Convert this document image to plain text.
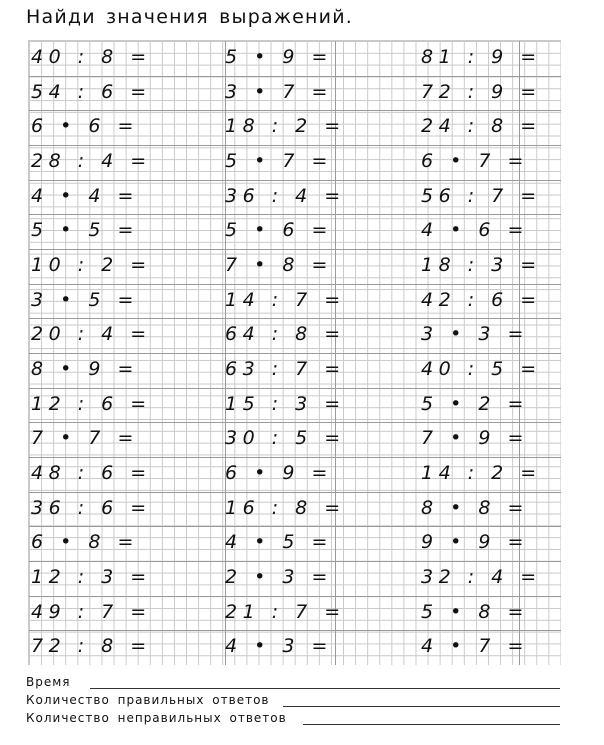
Найди значения выражений.
40 : 8 =
54 : 6 =
6 • 6 =
28 : 4 =
4 • 4 =
5 • 5 =
10 : 2 =
3 • 5 =
20 : 4 =
8 • 9 =
12 : 6 =
7 • 7 =
48 : 6 =
36 : 6 =
6 • 8 =
12 : 3 =
49 : 7 =
72 : 8 =
5 • 9 =
3 • 7 =
18 : 2 =
5 • 7 =
36 : 4 =
5 • 6 =
7 • 8 =
14 : 7 =
64 : 8 =
63 : 7 =
15 : 3 =
30 : 5 =
6 • 9 =
16 : 8 =
4 • 5 =
2 • 3 =
21 : 7 =
4 • 3 =
81 : 9 =
72 : 9 =
24 : 8 =
6 • 7 =
56 : 7 =
4 • 6 =
18 : 3 =
42 : 6 =
3 • 3 =
40 : 5 =
5 • 2 =
7 • 9 =
14 : 2 =
8 • 8 =
9 • 9 =
32 : 4 =
5 • 8 =
4 • 7 =
Время
Количество правильных ответов
Количество неправильных ответов
